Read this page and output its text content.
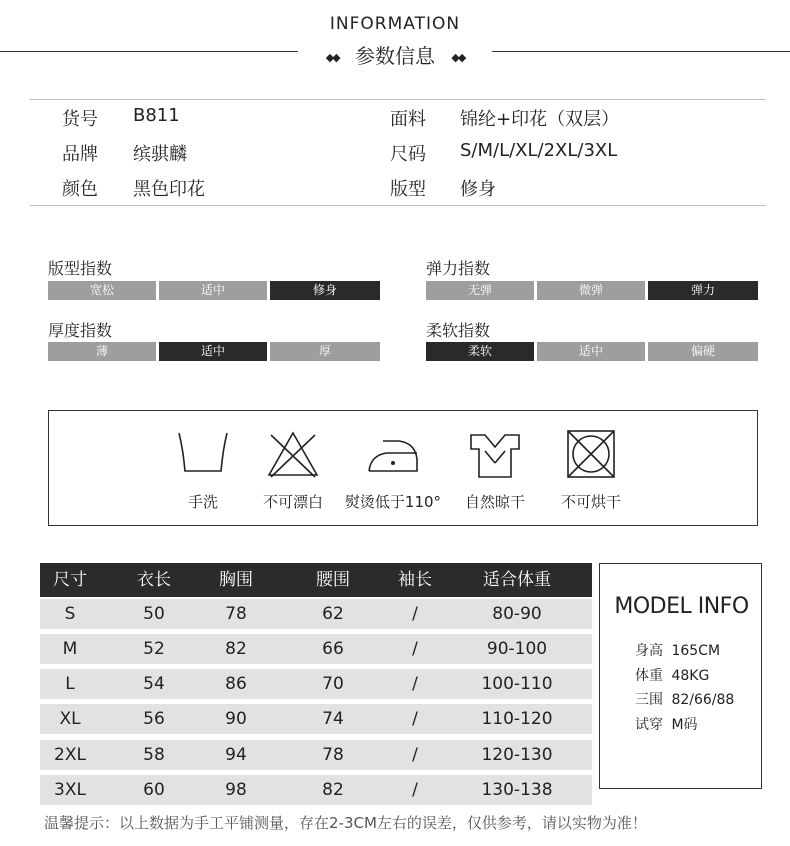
INFORMATION
◆◆ 参数信息 ◆◆
货号 B811	面料 锦纶+印花（双层）
品牌 缤骐麟	尺码 S/M/L/XL/2XL/3XL
颜色 黑色印花	版型 修身
版型指数
宽松	适中	修身
弹力指数
无弹	微弹	弹力
厚度指数
薄	适中	厚
柔软指数
柔软	适中	偏硬
手洗	不可漂白	熨烫低于110°	自然晾干	不可烘干
尺寸	衣长	胸围	腰围	袖长	适合体重
S	50	78	62	/	80-90
M	52	82	66	/	90-100
L	54	86	70	/	100-110
XL	56	90	74	/	110-120
2XL	58	94	78	/	120-130
3XL	60	98	82	/	130-138
MODEL INFO
身高 165CM
体重 48KG
三围 82/66/88
试穿 M码
温馨提示：以上数据为手工平铺测量，存在2-3CM左右的误差，仅供参考，请以实物为准！
